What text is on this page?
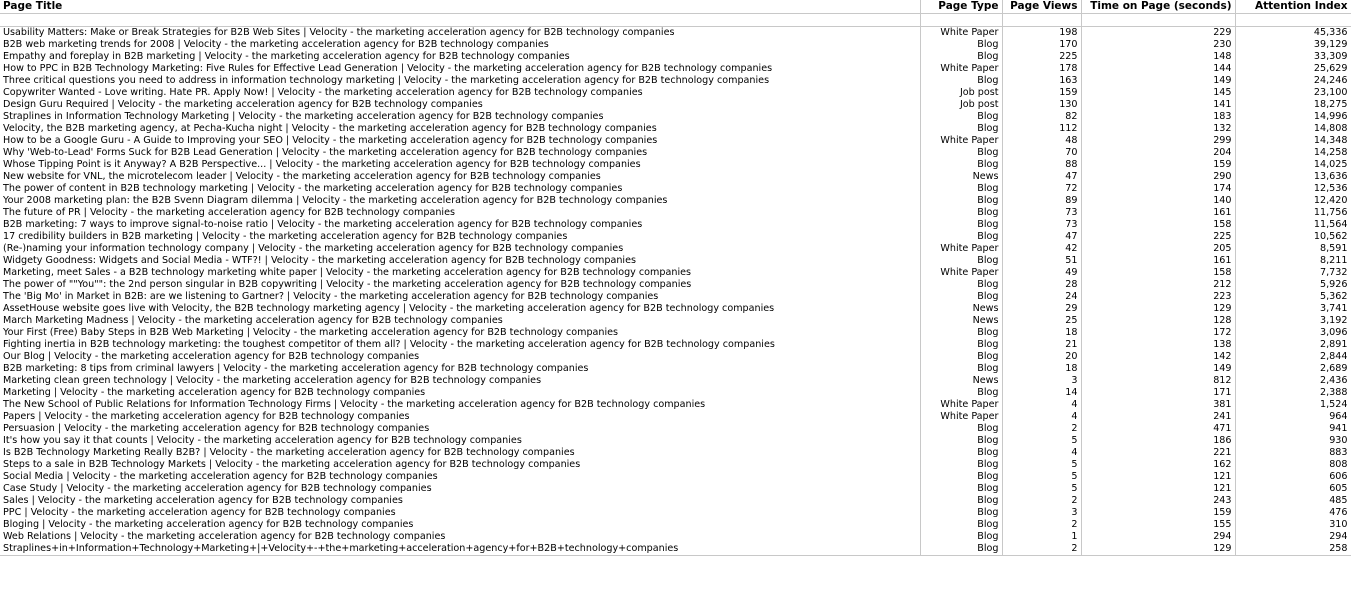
Page Title	Page Type	Page Views	Time on Page (seconds)	Attention Index

Usability Matters: Make or Break Strategies for B2B Web Sites | Velocity - the marketing acceleration agency for B2B technology companies	White Paper	198	229	45,336
B2B web marketing trends for 2008 | Velocity - the marketing acceleration agency for B2B technology companies	Blog	170	230	39,129
Empathy and foreplay in B2B marketing | Velocity - the marketing acceleration agency for B2B technology companies	Blog	225	148	33,309
How to PPC in B2B Technology Marketing: Five Rules for Effective Lead Generation | Velocity - the marketing acceleration agency for B2B technology companies	White Paper	178	144	25,629
Three critical questions you need to address in information technology marketing | Velocity - the marketing acceleration agency for B2B technology companies	Blog	163	149	24,246
Copywriter Wanted - Love writing. Hate PR. Apply Now! | Velocity - the marketing acceleration agency for B2B technology companies	Job post	159	145	23,100
Design Guru Required | Velocity - the marketing acceleration agency for B2B technology companies	Job post	130	141	18,275
Straplines in Information Technology Marketing | Velocity - the marketing acceleration agency for B2B technology companies	Blog	82	183	14,996
Velocity, the B2B marketing agency, at Pecha-Kucha night | Velocity - the marketing acceleration agency for B2B technology companies	Blog	112	132	14,808
How to be a Google Guru - A Guide to Improving your SEO | Velocity - the marketing acceleration agency for B2B technology companies	White Paper	48	299	14,348
Why 'Web-to-Lead' Forms Suck for B2B Lead Generation | Velocity - the marketing acceleration agency for B2B technology companies	Blog	70	204	14,258
Whose Tipping Point is it Anyway? A B2B Perspective... | Velocity - the marketing acceleration agency for B2B technology companies	Blog	88	159	14,025
New website for VNL, the microtelecom leader | Velocity - the marketing acceleration agency for B2B technology companies	News	47	290	13,636
The power of content in B2B technology marketing | Velocity - the marketing acceleration agency for B2B technology companies	Blog	72	174	12,536
Your 2008 marketing plan: the B2B Svenn Diagram dilemma | Velocity - the marketing acceleration agency for B2B technology companies	Blog	89	140	12,420
The future of PR | Velocity - the marketing acceleration agency for B2B technology companies	Blog	73	161	11,756
B2B marketing: 7 ways to improve signal-to-noise ratio | Velocity - the marketing acceleration agency for B2B technology companies	Blog	73	158	11,564
17 credibility builders in B2B marketing | Velocity - the marketing acceleration agency for B2B technology companies	Blog	47	225	10,562
(Re-)naming your information technology company | Velocity - the marketing acceleration agency for B2B technology companies	White Paper	42	205	8,591
Widgety Goodness: Widgets and Social Media - WTF?! | Velocity - the marketing acceleration agency for B2B technology companies	Blog	51	161	8,211
Marketing, meet Sales - a B2B technology marketing white paper | Velocity - the marketing acceleration agency for B2B technology companies	White Paper	49	158	7,732
The power of ""You"": the 2nd person singular in B2B copywriting | Velocity - the marketing acceleration agency for B2B technology companies	Blog	28	212	5,926
The 'Big Mo' in Market in B2B: are we listening to Gartner? | Velocity - the marketing acceleration agency for B2B technology companies	Blog	24	223	5,362
AssetHouse website goes live with Velocity, the B2B technology marketing agency | Velocity - the marketing acceleration agency for B2B technology companies	News	29	129	3,741
March Marketing Madness | Velocity - the marketing acceleration agency for B2B technology companies	News	25	128	3,192
Your First (Free) Baby Steps in B2B Web Marketing | Velocity - the marketing acceleration agency for B2B technology companies	Blog	18	172	3,096
Fighting inertia in B2B technology marketing: the toughest competitor of them all? | Velocity - the marketing acceleration agency for B2B technology companies	Blog	21	138	2,891
Our Blog | Velocity - the marketing acceleration agency for B2B technology companies	Blog	20	142	2,844
B2B marketing: 8 tips from criminal lawyers | Velocity - the marketing acceleration agency for B2B technology companies	Blog	18	149	2,689
Marketing clean green technology | Velocity - the marketing acceleration agency for B2B technology companies	News	3	812	2,436
Marketing | Velocity - the marketing acceleration agency for B2B technology companies	Blog	14	171	2,388
The New School of Public Relations for Information Technology Firms | Velocity - the marketing acceleration agency for B2B technology companies	White Paper	4	381	1,524
Papers | Velocity - the marketing acceleration agency for B2B technology companies	White Paper	4	241	964
Persuasion | Velocity - the marketing acceleration agency for B2B technology companies	Blog	2	471	941
It's how you say it that counts | Velocity - the marketing acceleration agency for B2B technology companies	Blog	5	186	930
Is B2B Technology Marketing Really B2B? | Velocity - the marketing acceleration agency for B2B technology companies	Blog	4	221	883
Steps to a sale in B2B Technology Markets | Velocity - the marketing acceleration agency for B2B technology companies	Blog	5	162	808
Social Media | Velocity - the marketing acceleration agency for B2B technology companies	Blog	5	121	606
Case Study | Velocity - the marketing acceleration agency for B2B technology companies	Blog	5	121	605
Sales | Velocity - the marketing acceleration agency for B2B technology companies	Blog	2	243	485
PPC | Velocity - the marketing acceleration agency for B2B technology companies	Blog	3	159	476
Bloging | Velocity - the marketing acceleration agency for B2B technology companies	Blog	2	155	310
Web Relations | Velocity - the marketing acceleration agency for B2B technology companies	Blog	1	294	294
Straplines+in+Information+Technology+Marketing+|+Velocity+-+the+marketing+acceleration+agency+for+B2B+technology+companies	Blog	2	129	258
